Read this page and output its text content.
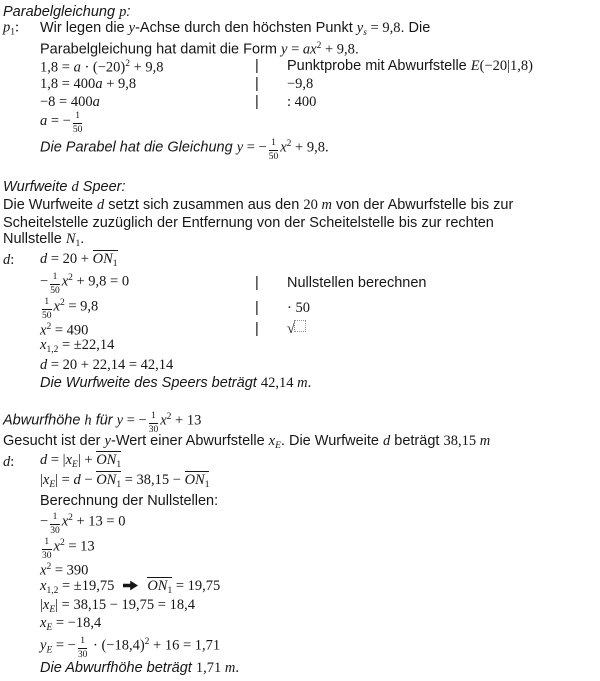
Parabelgleichung p:
$p_1$: Wir legen die y-Achse durch den höchsten Punkt $y_s = 9,8$. Die
Parabelgleichung hat damit die Form $y = ax^2 + 9,8$.
$1,8 = a \cdot (-20)^2 + 9,8$	| Punktprobe mit Abwurfstelle E(−20|1,8)
1,8 = 400a + 9,8	| −9,8
−8 = 400a	| : 400
a = − $\frac{1}{50}$
Die Parabel hat die Gleichung y = − $\frac{1}{50} x^2 + 9,8$.
Wurfweite d Speer:
Die Wurfweite d setzt sich zusammen aus den 20 m von der Abwurfstelle bis zur
Scheitelstelle zuzüglich der Entfernung von der Scheitelstelle bis zur rechten
Nullstelle $N_1$.
d: $d = 20 + ON_1$
− $\frac{1}{50} x^2 + 9,8 = 0$	| Nullstellen berechnen
$\frac{1}{50} x^2 = 9,8$	| · 50
$x^2 = 490$	| √
$x_{1,2} = \pm 22,14$
d = 20 + 22,14 = 42,14
Die Wurfweite des Speers beträgt 42,14 m.
Abwurfhöhe h für y = − $\frac{1}{30} x^2 + 13$
Gesucht ist der y-Wert einer Abwurfstelle $x_E$. Die Wurfweite d beträgt 38,15 m
d: $d = |x_E| + ON_1$
$|x_E| = d - ON_1 = 38,15 - ON_1$
Berechnung der Nullstellen:
− $\frac{1}{30} x^2 + 13 = 0$
$\frac{1}{30} x^2 = 13$
$x^2 = 390$
$x_{1,2} = \pm 19,75$ $ON_1 = 19,75$
$|x_E| = 38,15 - 19,75 = 18,4$
$x_E = -18,4$
$y_E$ = − $\frac{1}{30} \cdot (-18,4)^2 + 16 = 1,71$
Die Abwurfhöhe beträgt 1,71 m.
